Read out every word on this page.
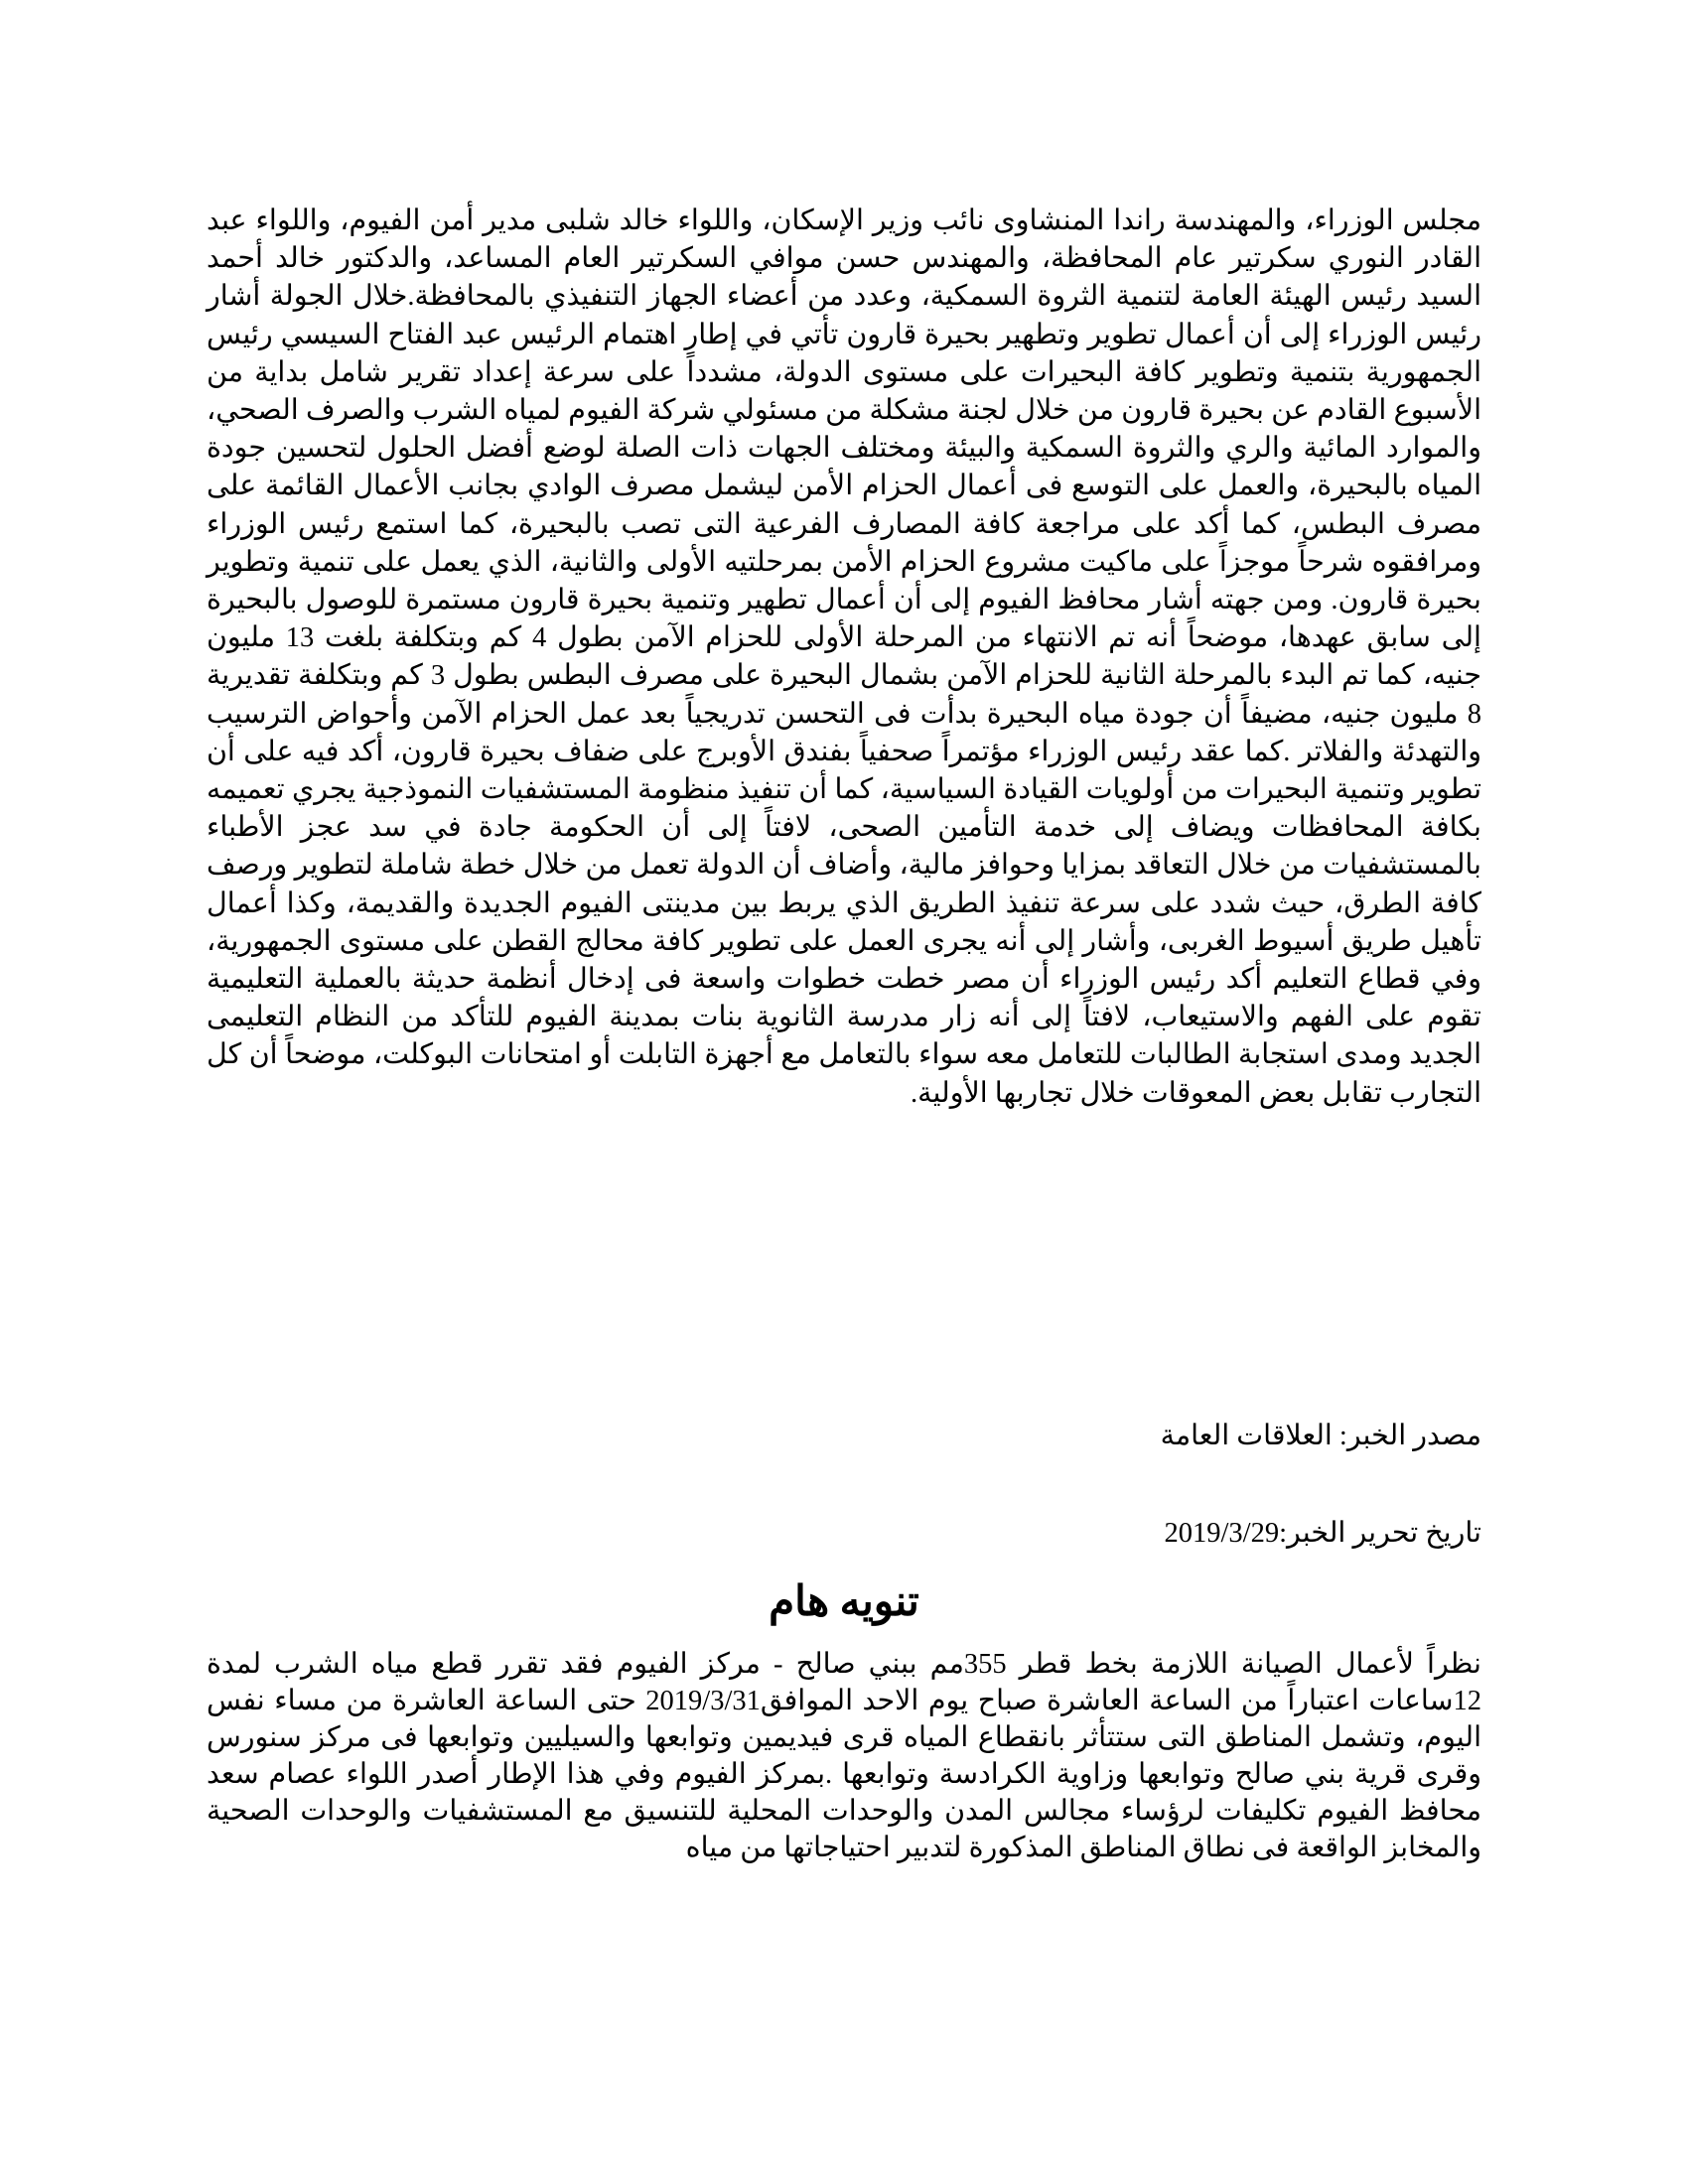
مجلس الوزراء، والمهندسة راندا المنشاوى نائب وزير الإسكان، واللواء خالد شلبى مدير أمن الفيوم، واللواء عبد القادر النوري سكرتير عام المحافظة، والمهندس حسن موافي السكرتير العام المساعد، والدكتور خالد أحمد السيد رئيس الهيئة العامة لتنمية الثروة السمكية، وعدد من أعضاء الجهاز التنفيذي بالمحافظة.خلال الجولة أشار رئيس الوزراء إلى أن أعمال تطوير وتطهير بحيرة قارون تأتي في إطار اهتمام الرئيس عبد الفتاح السيسي رئيس الجمهورية بتنمية وتطوير كافة البحيرات على مستوى الدولة، مشدداً على سرعة إعداد تقرير شامل بداية من الأسبوع القادم عن بحيرة قارون من خلال لجنة مشكلة من مسئولي شركة الفيوم لمياه الشرب والصرف الصحي، والموارد المائية والري والثروة السمكية والبيئة ومختلف الجهات ذات الصلة لوضع أفضل الحلول لتحسين جودة المياه بالبحيرة، والعمل على التوسع فى أعمال الحزام الأمن ليشمل مصرف الوادي بجانب الأعمال القائمة على مصرف البطس، كما أكد على مراجعة كافة المصارف الفرعية التى تصب بالبحيرة، كما استمع رئيس الوزراء ومرافقوه شرحاً موجزاً على ماكيت مشروع الحزام الأمن بمرحلتيه الأولى والثانية، الذي يعمل على تنمية وتطوير بحيرة قارون. ومن جهته أشار محافظ الفيوم إلى أن أعمال تطهير وتنمية بحيرة قارون مستمرة للوصول بالبحيرة إلى سابق عهدها، موضحاً أنه تم الانتهاء من المرحلة الأولى للحزام الآمن بطول 4 كم وبتكلفة بلغت 13 مليون جنيه، كما تم البدء بالمرحلة الثانية للحزام الآمن بشمال البحيرة على مصرف البطس بطول 3 كم وبتكلفة تقديرية 8 مليون جنيه، مضيفاً أن جودة مياه البحيرة بدأت فى التحسن تدريجياً بعد عمل الحزام الآمن وأحواض الترسيب والتهدئة والفلاتر .كما عقد رئيس الوزراء مؤتمراً صحفياً بفندق الأوبرج على ضفاف بحيرة قارون، أكد فيه على أن تطوير وتنمية البحيرات من أولويات القيادة السياسية، كما أن تنفيذ منظومة المستشفيات النموذجية يجري تعميمه بكافة المحافظات ويضاف إلى خدمة التأمين الصحى، لافتاً إلى أن الحكومة جادة في سد عجز الأطباء بالمستشفيات من خلال التعاقد بمزايا وحوافز مالية، وأضاف أن الدولة تعمل من خلال خطة شاملة لتطوير ورصف كافة الطرق، حيث شدد على سرعة تنفيذ الطريق الذي يربط بين مدينتى الفيوم الجديدة والقديمة، وكذا أعمال تأهيل طريق أسيوط الغربى، وأشار إلى أنه يجرى العمل على تطوير كافة محالج القطن على مستوى الجمهورية، وفي قطاع التعليم أكد رئيس الوزراء أن مصر خطت خطوات واسعة فى إدخال أنظمة حديثة بالعملية التعليمية تقوم على الفهم والاستيعاب، لافتاً إلى أنه زار مدرسة الثانوية بنات بمدينة الفيوم للتأكد من النظام التعليمى الجديد ومدى استجابة الطالبات للتعامل معه سواء بالتعامل مع أجهزة التابلت أو امتحانات البوكلت، موضحاً أن كل التجارب تقابل بعض المعوقات خلال تجاربها الأولية.

مصدر الخبر: العلاقات العامة
تاريخ تحرير الخبر:2019/3/29
تنويه هام

نظراً لأعمال الصيانة اللازمة بخط قطر 355مم ببني صالح - مركز الفيوم فقد تقرر قطع مياه الشرب لمدة 12ساعات اعتباراً من الساعة العاشرة صباح يوم الاحد الموافق2019/3/31 حتى الساعة العاشرة من مساء نفس اليوم، وتشمل المناطق التى ستتأثر بانقطاع المياه قرى فيديمين وتوابعها والسيليين وتوابعها فى مركز سنورس وقرى قرية بني صالح وتوابعها وزاوية الكرادسة وتوابعها .بمركز الفيوم وفي هذا الإطار أصدر اللواء عصام سعد محافظ الفيوم تكليفات لرؤساء مجالس المدن والوحدات المحلية للتنسيق مع المستشفيات والوحدات الصحية والمخابز الواقعة فى نطاق المناطق المذكورة لتدبير احتياجاتها من مياه
